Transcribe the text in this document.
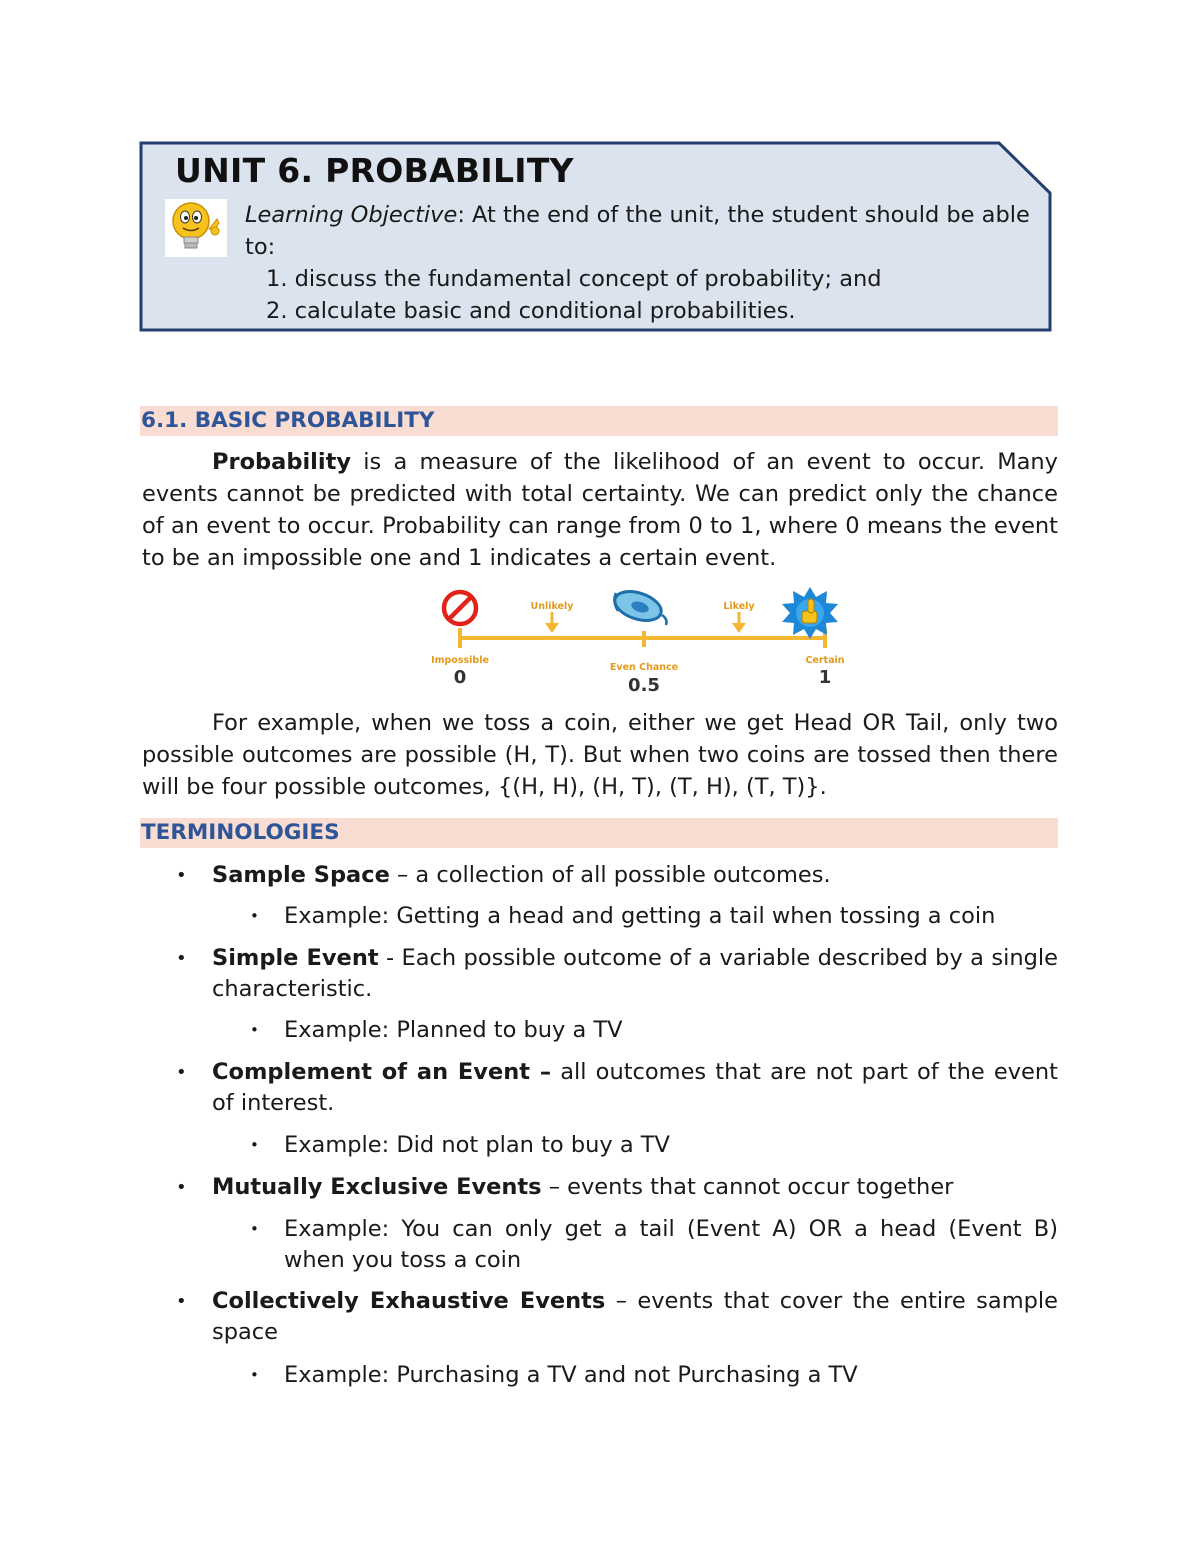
UNIT 6. PROBABILITY
Learning Objective: At the end of the unit, the student should be able to:
1. discuss the fundamental concept of probability; and
2. calculate basic and conditional probabilities.
6.1. BASIC PROBABILITY

Probability is a measure of the likelihood of an event to occur. Many events cannot be predicted with total certainty. We can predict only the chance of an event to occur. Probability can range from 0 to 1, where 0 means the event to be an impossible one and 1 indicates a certain event.

Unlikely	Likely
Impossible
Even Chance
Certain
0	0.5	1

For example, when we toss a coin, either we get Head OR Tail, only two possible outcomes are possible (H, T). But when two coins are tossed then there will be four possible outcomes, {(H, H), (H, T), (T, H), (T, T)}.

TERMINOLOGIES

• Sample Space – a collection of all possible outcomes.

• Example: Getting a head and getting a tail when tossing a coin

• Simple Event - Each possible outcome of a variable described by a single characteristic.

• Example: Planned to buy a TV

• Complement of an Event – all outcomes that are not part of the event of interest.

• Example: Did not plan to buy a TV

• Mutually Exclusive Events – events that cannot occur together

• Example: You can only get a tail (Event A) OR a head (Event B) when you toss a coin

• Collectively Exhaustive Events – events that cover the entire sample space

• Example: Purchasing a TV and not Purchasing a TV
